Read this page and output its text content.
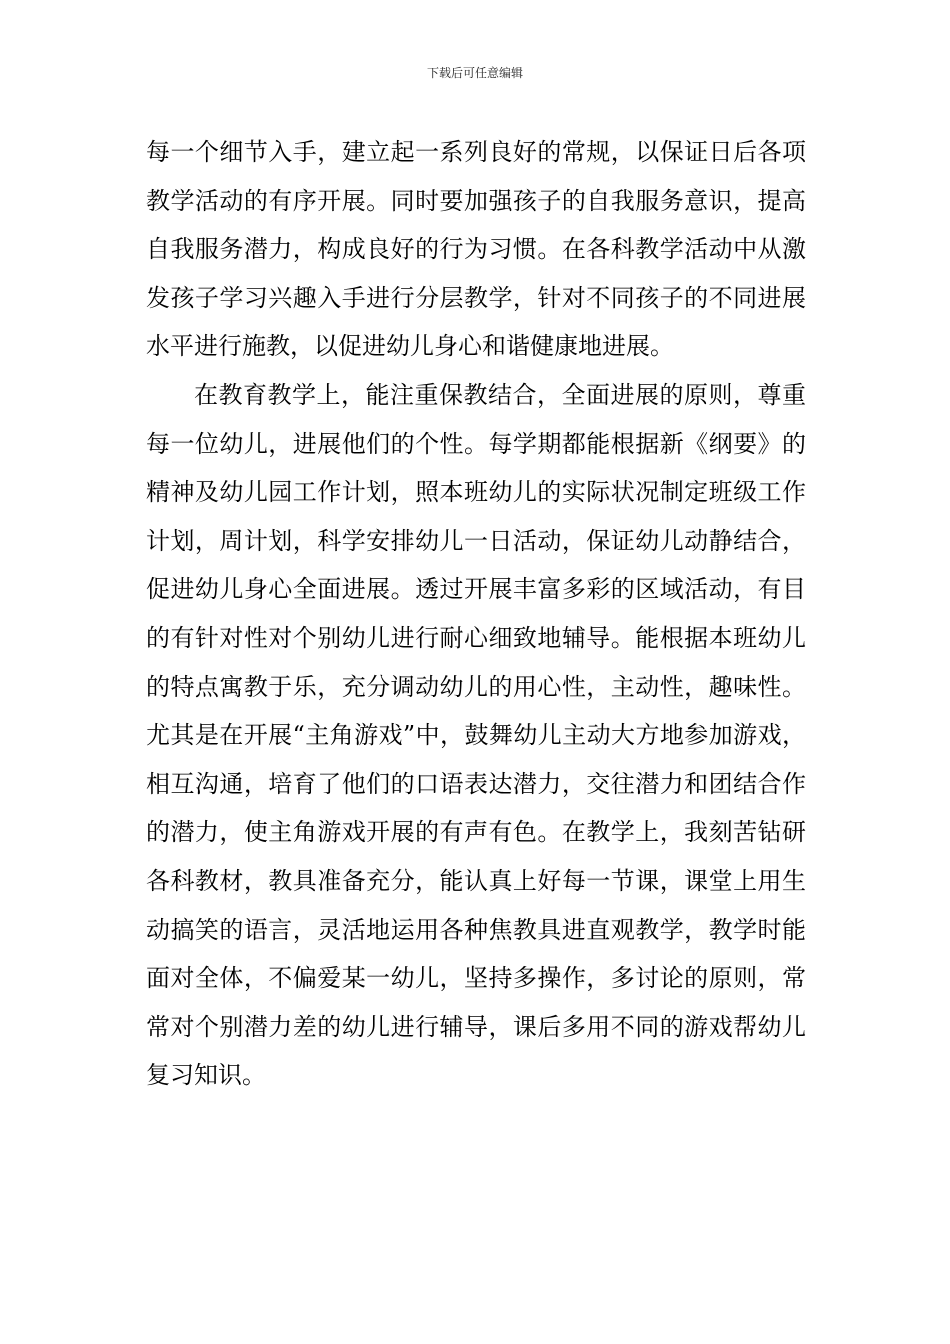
下载后可任意编辑

每一个细节入手，建立起一系列良好的常规，以保证日后各项教学活动的有序开展。同时要加强孩子的自我服务意识，提高自我服务潜力，构成良好的行为习惯。在各科教学活动中从激发孩子学习兴趣入手进行分层教学，针对不同孩子的不同进展水平进行施教，以促进幼儿身心和谐健康地进展。

在教育教学上，能注重保教结合，全面进展的原则，尊重每一位幼儿，进展他们的个性。每学期都能根据新《纲要》的精神及幼儿园工作计划，照本班幼儿的实际状况制定班级工作计划，周计划，科学安排幼儿一日活动，保证幼儿动静结合，促进幼儿身心全面进展。透过开展丰富多彩的区域活动，有目的有针对性对个别幼儿进行耐心细致地辅导。能根据本班幼儿的特点寓教于乐，充分调动幼儿的用心性，主动性，趣味性。尤其是在开展“主角游戏”中，鼓舞幼儿主动大方地参加游戏，相互沟通，培育了他们的口语表达潜力，交往潜力和团结合作的潜力，使主角游戏开展的有声有色。在教学上，我刻苦钻研各科教材，教具准备充分，能认真上好每一节课，课堂上用生动搞笑的语言，灵活地运用各种焦教具进直观教学，教学时能面对全体，不偏爱某一幼儿，坚持多操作，多讨论的原则，常常对个别潜力差的幼儿进行辅导，课后多用不同的游戏帮幼儿复习知识。
